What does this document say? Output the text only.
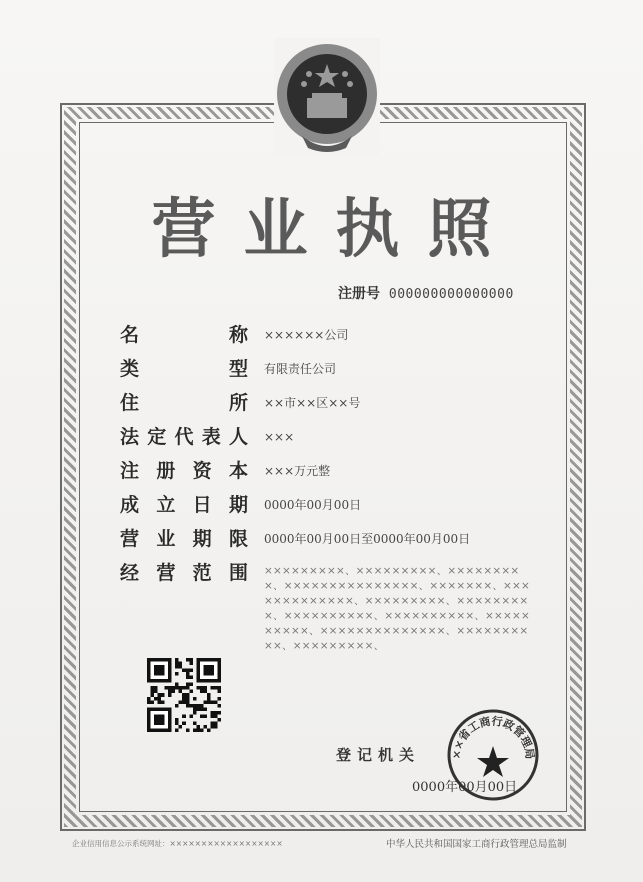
营业执照
注册号 000000000000000
名	称 ××××××公司
类	型 有限责任公司
住	所 ××市××区××号
法 定 代 表 人 ×××
注 册 资 本 ×××万元整
成 立 日 期 0000年00月00日
营 业 期 限 0000年00月00日至0000年00月00日
经 营 范 围 ×××××××××、×××××××××、×××××××××、×××××××××××××××、×××××××、×××××××××××××、×××××××××、×××××××××、××××××××××、××××××××××、××××××××××、××××××××××××××、××××××××××、×××××××××、
登记机关
0000年00月00日
××省工商行政管理局
企业信用信息公示系统网址：××××××××××××××××××	中华人民共和国国家工商行政管理总局监制
